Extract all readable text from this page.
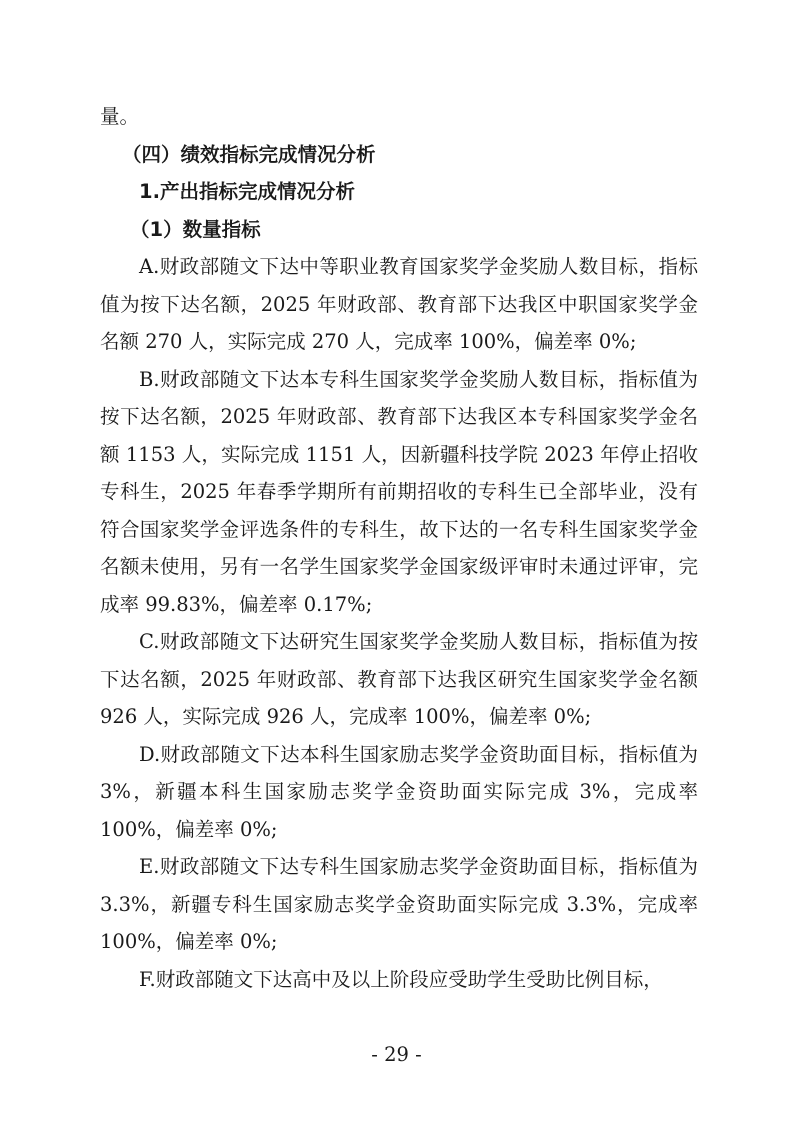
量。

（四）绩效指标完成情况分析

1.产出指标完成情况分析

（1）数量指标

A.财政部随文下达中等职业教育国家奖学金奖励人数目标，指标值为按下达名额，2025 年财政部、教育部下达我区中职国家奖学金名额 270 人，实际完成 270 人，完成率 100%，偏差率 0%;

B.财政部随文下达本专科生国家奖学金奖励人数目标，指标值为按下达名额，2025 年财政部、教育部下达我区本专科国家奖学金名额 1153 人，实际完成 1151 人，因新疆科技学院 2023 年停止招收专科生，2025 年春季学期所有前期招收的专科生已全部毕业，没有符合国家奖学金评选条件的专科生，故下达的一名专科生国家奖学金名额未使用，另有一名学生国家奖学金国家级评审时未通过评审，完成率 99.83%，偏差率 0.17%;

C.财政部随文下达研究生国家奖学金奖励人数目标，指标值为按下达名额，2025 年财政部、教育部下达我区研究生国家奖学金名额 926 人，实际完成 926 人，完成率 100%，偏差率 0%;

D.财政部随文下达本科生国家励志奖学金资助面目标，指标值为 3%，新疆本科生国家励志奖学金资助面实际完成 3%，完成率 100%，偏差率 0%;

E.财政部随文下达专科生国家励志奖学金资助面目标，指标值为 3.3%，新疆专科生国家励志奖学金资助面实际完成 3.3%，完成率 100%，偏差率 0%;

F.财政部随文下达高中及以上阶段应受助学生受助比例目标，

- 29 -
